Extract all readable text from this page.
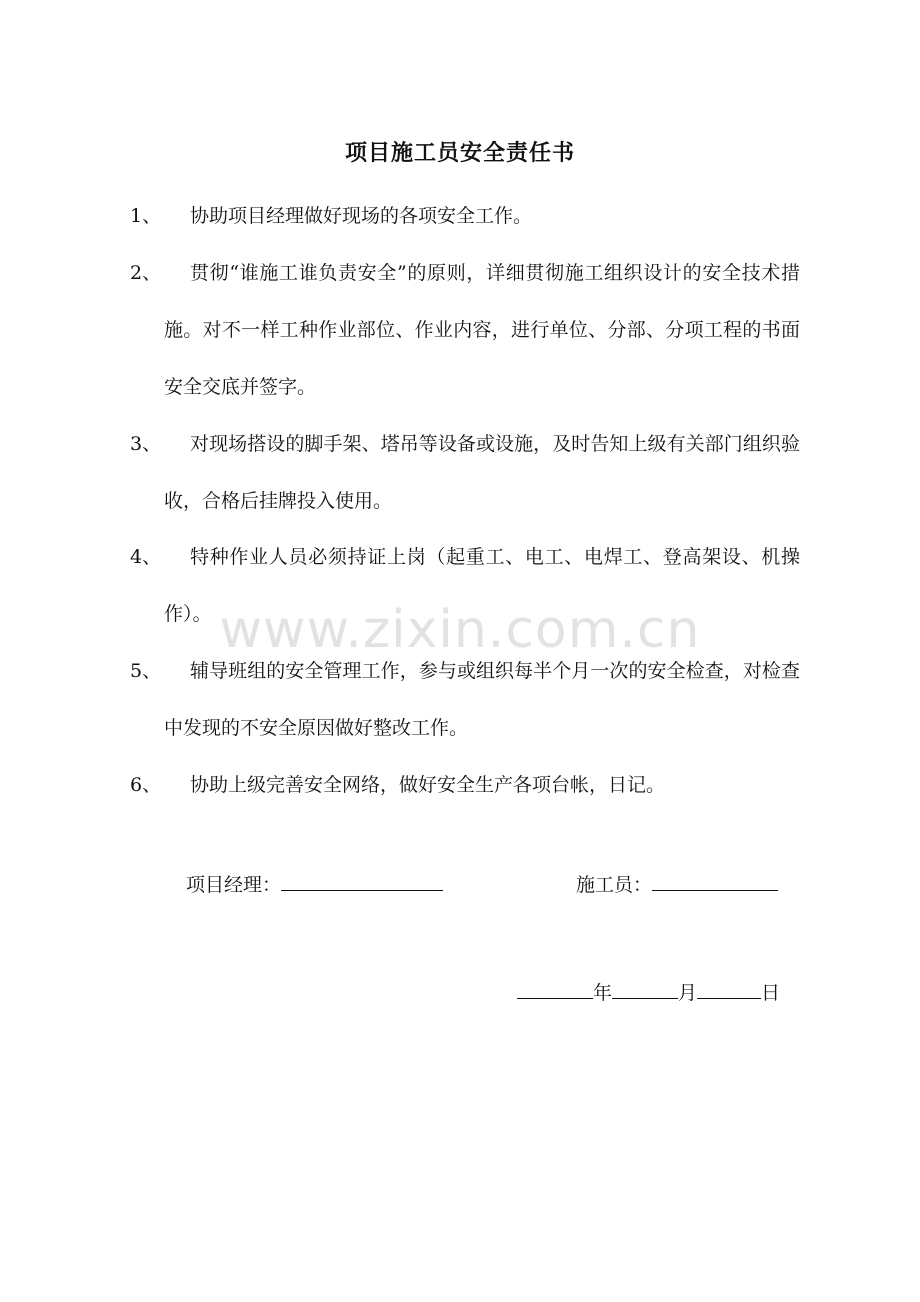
项目施工员安全责任书
1、	协助项目经理做好现场的各项安全工作。
2、	贯彻“谁施工谁负责安全”的原则，详细贯彻施工组织设计的安全技术措施。对不一样工种作业部位、作业内容，进行单位、分部、分项工程的书面安全交底并签字。
3、	对现场搭设的脚手架、塔吊等设备或设施，及时告知上级有关部门组织验收，合格后挂牌投入使用。
4、	特种作业人员必须持证上岗（起重工、电工、电焊工、登高架设、机操作）。
5、	辅导班组的安全管理工作，参与或组织每半个月一次的安全检查，对检查中发现的不安全原因做好整改工作。
6、	协助上级完善安全网络，做好安全生产各项台帐，日记。
www.zixin.com.cn
项目经理：	施工员：
年	月	日
